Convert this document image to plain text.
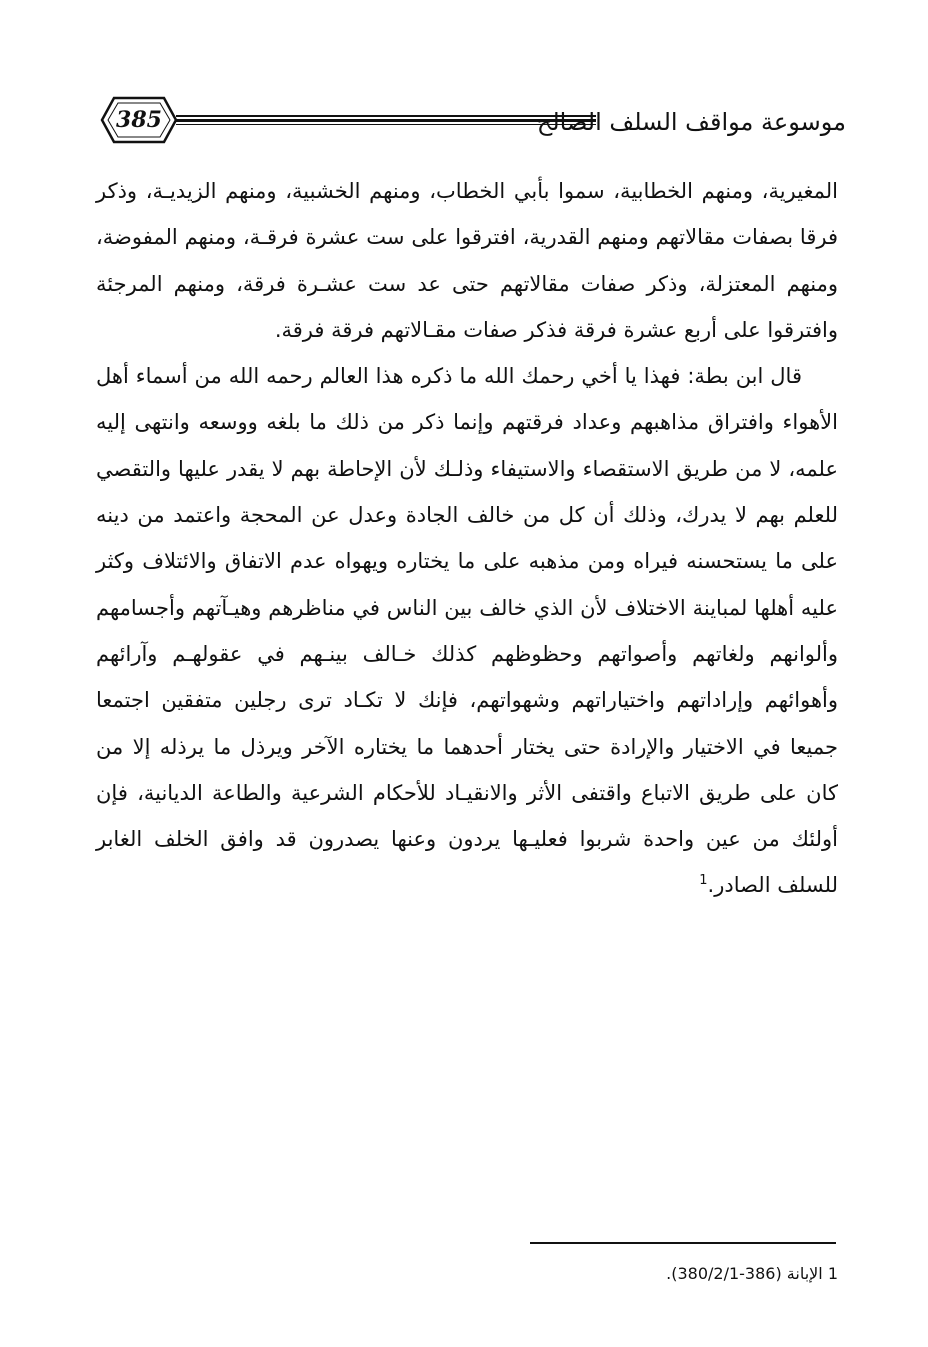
385	موسوعة مواقف السلف الصالح

المغيرية، ومنهم الخطابية، سموا بأبي الخطاب، ومنهم الخشبية، ومنهم الزيديـة، وذكر فرقا بصفات مقالاتهم ومنهم القدرية، افترقوا على ست عشرة فرقـة، ومنهم المفوضة، ومنهم المعتزلة، وذكر صفات مقالاتهم حتى عد ست عشـرة فرقة، ومنهم المرجئة وافترقوا على أربع عشرة فرقة فذكر صفات مقـالاتهم فرقة فرقة.

قال ابن بطة: فهذا يا أخي رحمك الله ما ذكره هذا العالم رحمه الله من أسماء أهل الأهواء وافتراق مذاهبهم وعداد فرقتهم وإنما ذكر من ذلك ما بلغه ووسعه وانتهى إليه علمه، لا من طريق الاستقصاء والاستيفاء وذلـك لأن الإحاطة بهم لا يقدر عليها والتقصي للعلم بهم لا يدرك، وذلك أن كل من خالف الجادة وعدل عن المحجة واعتمد من دينه على ما يستحسنه فيراه ومن مذهبه على ما يختاره ويهواه عدم الاتفاق والائتلاف وكثر عليه أهلها لمباينة الاختلاف لأن الذي خالف بين الناس في مناظرهم وهيـآتهم وأجسامهم وألوانهم ولغاتهم وأصواتهم وحظوظهم كذلك خـالف بينـهم في عقولهـم وآرائهم وأهوائهم وإراداتهم واختياراتهم وشهواتهم، فإنك لا تكـاد ترى رجلين متفقين اجتمعا جميعا في الاختيار والإرادة حتى يختار أحدهما ما يختاره الآخر ويرذل ما يرذله إلا من كان على طريق الاتباع واقتفى الأثر والانقيـاد للأحكام الشرعية والطاعة الديانية، فإن أولئك من عين واحدة شربوا فعليـها يردون وعنها يصدرون قد وافق الخلف الغابر للسلف الصادر.$^1$

1 الإبانة (386-380/2/1).
